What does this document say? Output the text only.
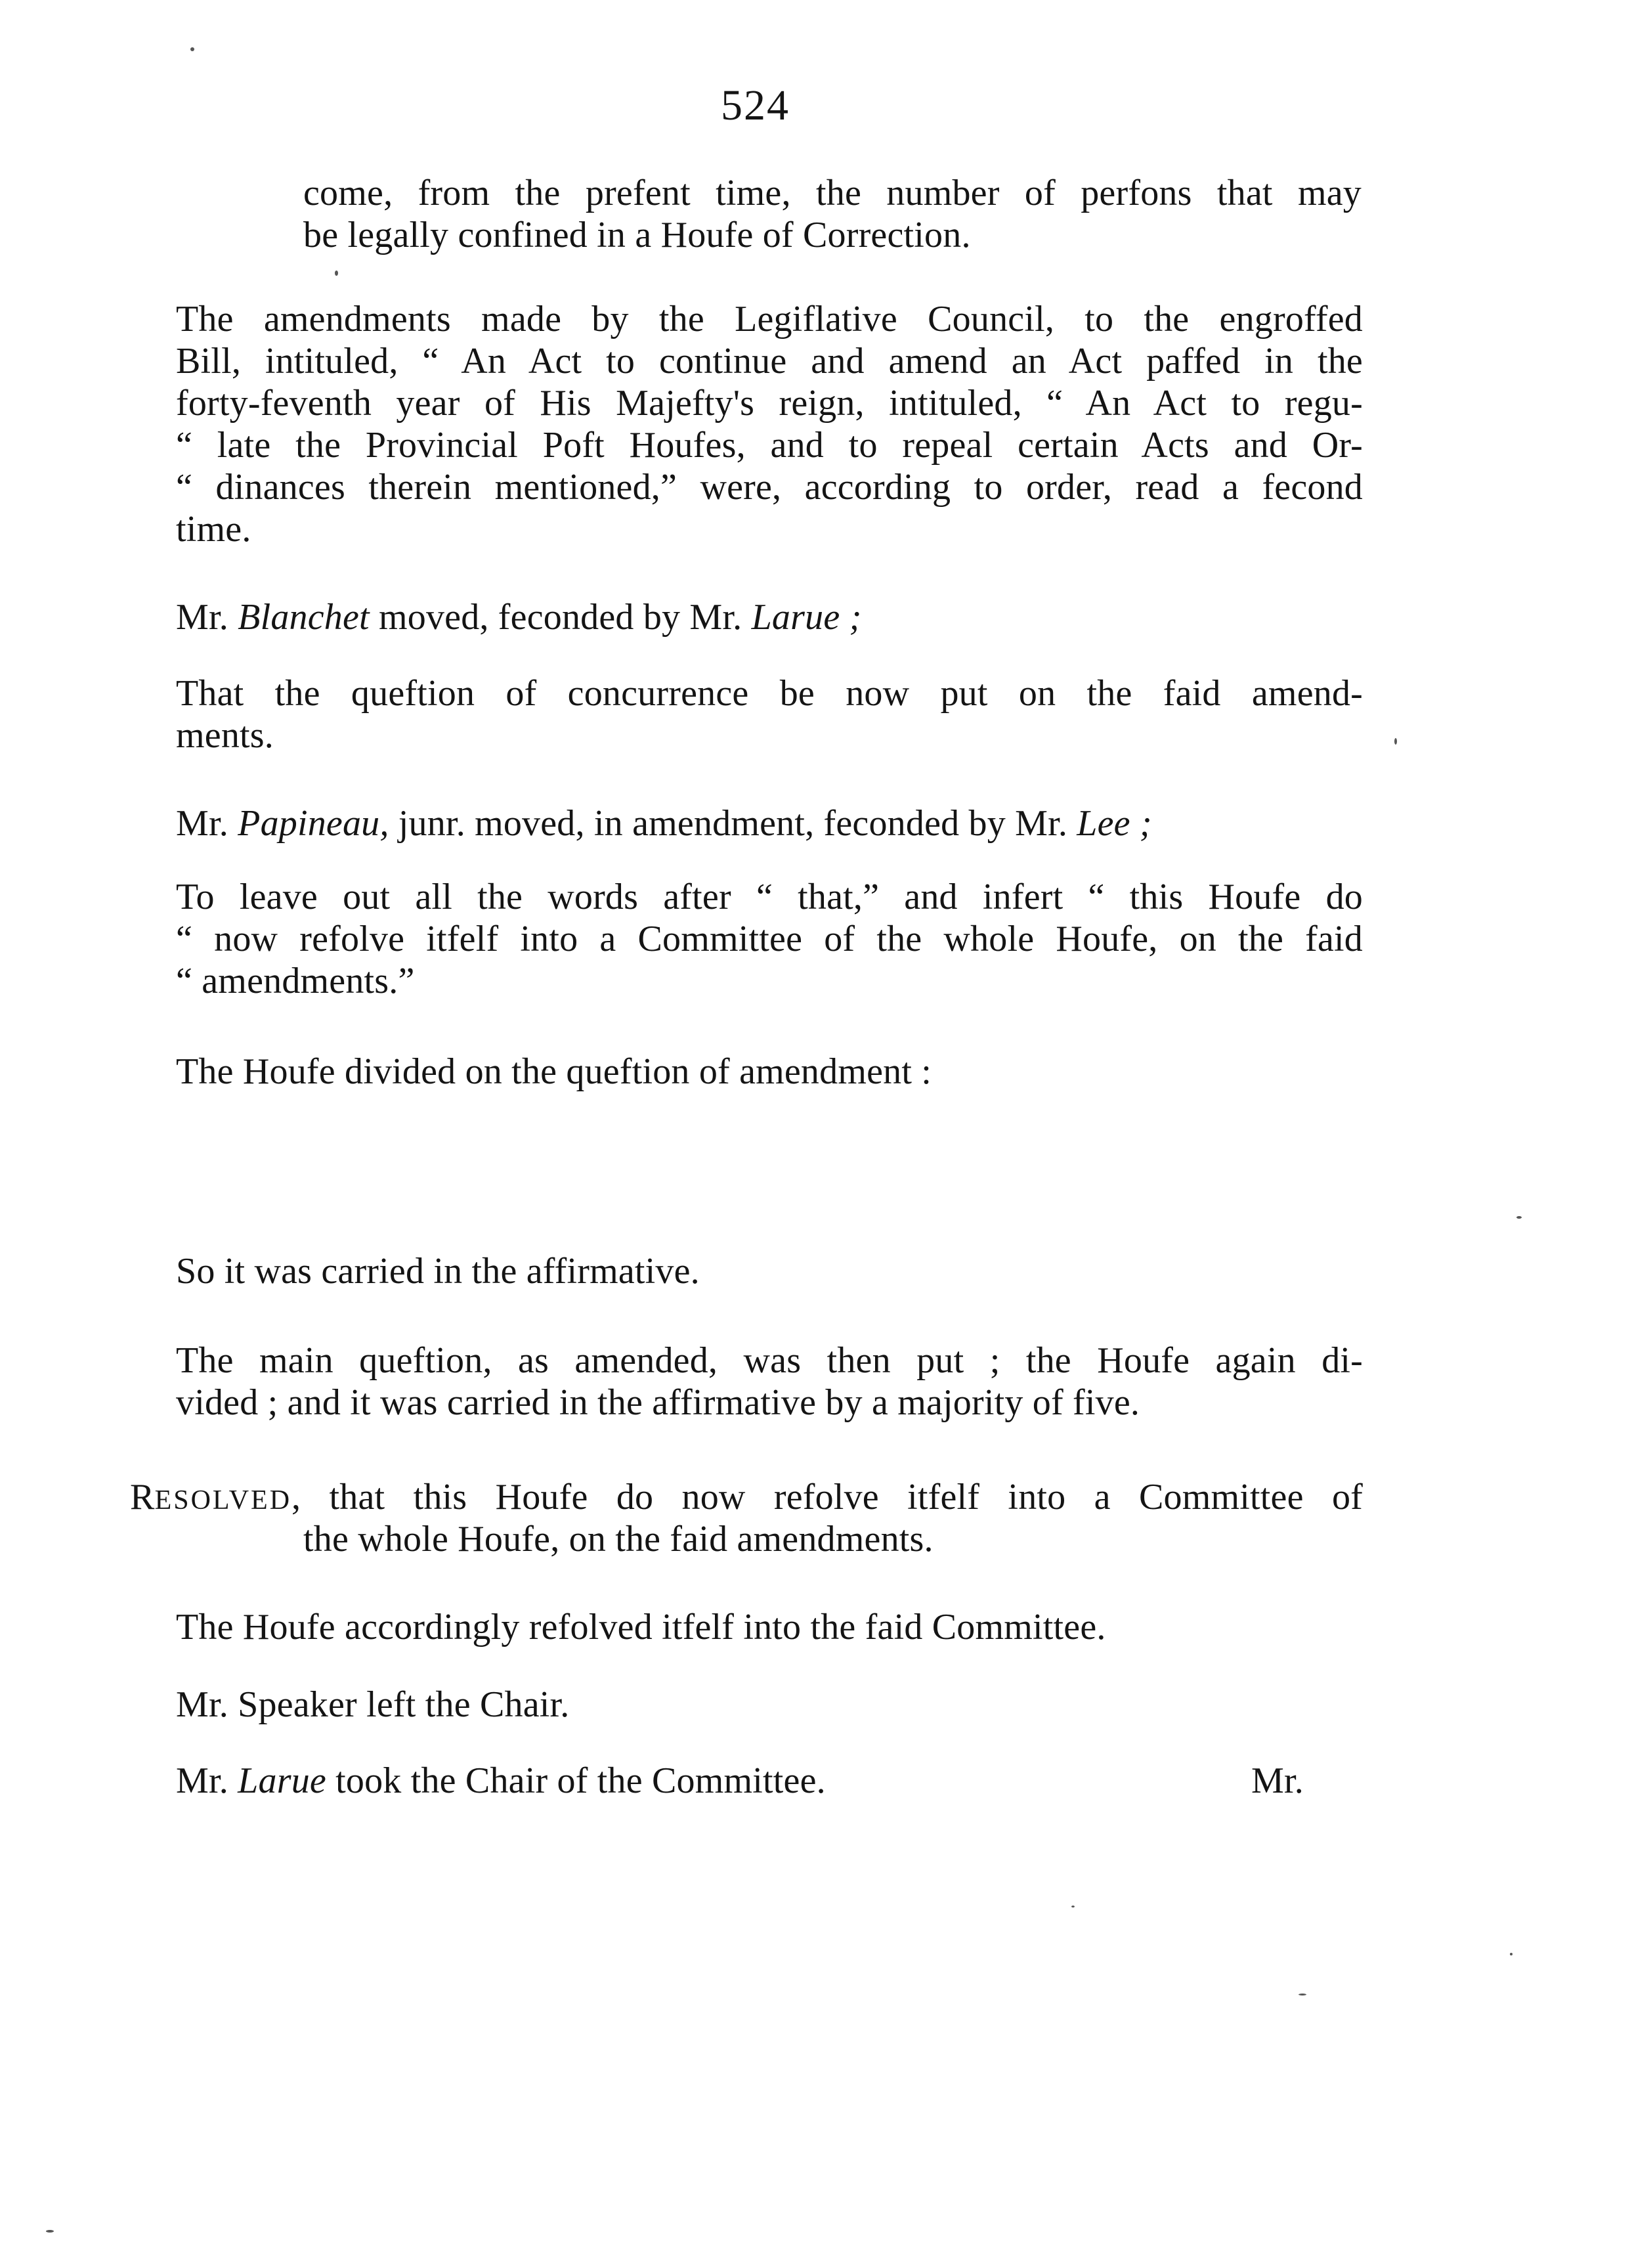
524
come, from the prefent time, the number of perfons that may
be legally confined in a Houfe of Correction.
The amendments made by the Legiflative Council, to the engroffed
Bill, intituled, “ An Act to continue and amend an Act paffed in the
forty-feventh year of His Majefty's reign, intituled, “ An Act to regu-
“ late the Provincial Poft Houfes, and to repeal certain Acts and Or-
“ dinances therein mentioned,” were, according to order, read a fecond
time.
Mr. Blanchet moved, feconded by Mr. Larue ;
That the queftion of concurrence be now put on the faid amend-
ments.
Mr. Papineau, junr. moved, in amendment, feconded by Mr. Lee ;
To leave out all the words after “ that,” and infert “ this Houfe do
“ now refolve itfelf into a Committee of the whole Houfe, on the faid
“ amendments.”
The Houfe divided on the queftion of amendment :
So it was carried in the affirmative.
The main queftion, as amended, was then put ; the Houfe again di-
vided ; and it was carried in the affirmative by a majority of five.
RESOLVED, that this Houfe do now refolve itfelf into a Committee of
the whole Houfe, on the faid amendments.
The Houfe accordingly refolved itfelf into the faid Committee.
Mr. Speaker left the Chair.
Mr. Larue took the Chair of the Committee.	Mr.
